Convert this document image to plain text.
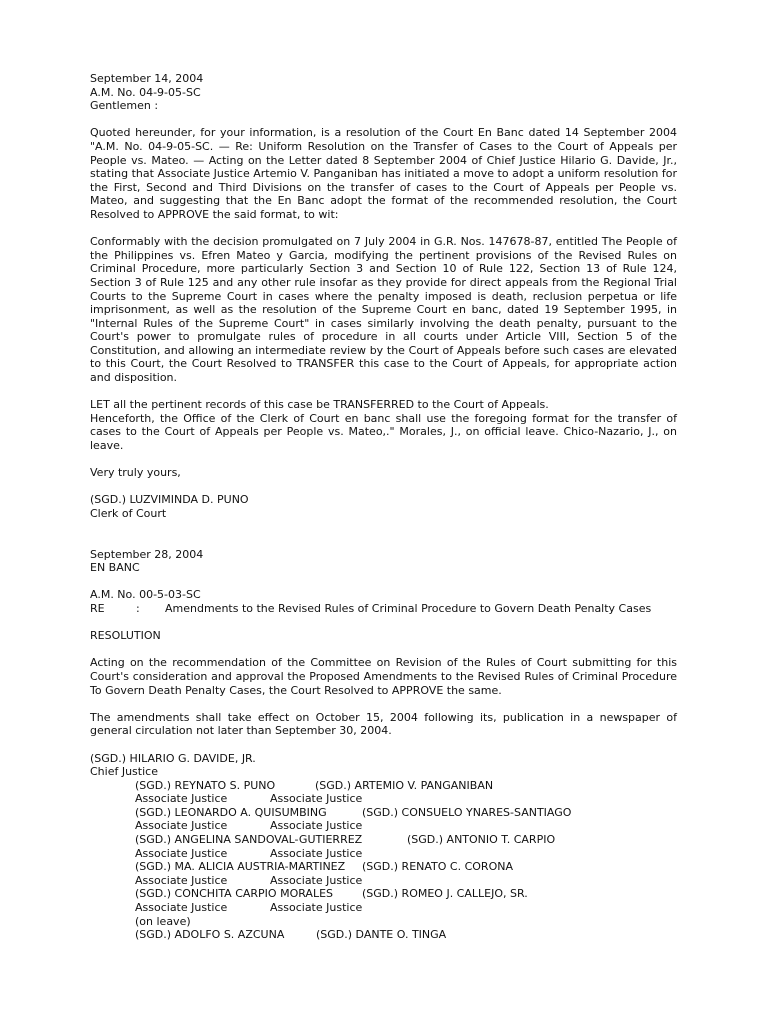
September 14, 2004
A.M. No. 04-9-05-SC
Gentlemen :
Quoted hereunder, for your information, is a resolution of the Court En Banc dated 14 September 2004 "A.M. No. 04-9-05-SC. — Re: Uniform Resolution on the Transfer of Cases to the Court of Appeals per People vs. Mateo. — Acting on the Letter dated 8 September 2004 of Chief Justice Hilario G. Davide, Jr., stating that Associate Justice Artemio V. Panganiban has initiated a move to adopt a uniform resolution for the First, Second and Third Divisions on the transfer of cases to the Court of Appeals per People vs. Mateo, and suggesting that the En Banc adopt the format of the recommended resolution, the Court Resolved to APPROVE the said format, to wit:
Conformably with the decision promulgated on 7 July 2004 in G.R. Nos. 147678-87, entitled The People of the Philippines vs. Efren Mateo y Garcia, modifying the pertinent provisions of the Revised Rules on Criminal Procedure, more particularly Section 3 and Section 10 of Rule 122, Section 13 of Rule 124, Section 3 of Rule 125 and any other rule insofar as they provide for direct appeals from the Regional Trial Courts to the Supreme Court in cases where the penalty imposed is death, reclusion perpetua or life imprisonment, as well as the resolution of the Supreme Court en banc, dated 19 September 1995, in "Internal Rules of the Supreme Court" in cases similarly involving the death penalty, pursuant to the Court's power to promulgate rules of procedure in all courts under Article VIII, Section 5 of the Constitution, and allowing an intermediate review by the Court of Appeals before such cases are elevated to this Court, the Court Resolved to TRANSFER this case to the Court of Appeals, for appropriate action and disposition.
LET all the pertinent records of this case be TRANSFERRED to the Court of Appeals.
Henceforth, the Office of the Clerk of Court en banc shall use the foregoing format for the transfer of cases to the Court of Appeals per People vs. Mateo,." Morales, J., on official leave. Chico-Nazario, J., on leave.
Very truly yours,
(SGD.) LUZVIMINDA D. PUNO
Clerk of Court
September 28, 2004
EN BANC
A.M. No. 00-5-03-SC
RE	:	Amendments to the Revised Rules of Criminal Procedure to Govern Death Penalty Cases
RESOLUTION
Acting on the recommendation of the Committee on Revision of the Rules of Court submitting for this Court's consideration and approval the Proposed Amendments to the Revised Rules of Criminal Procedure To Govern Death Penalty Cases, the Court Resolved to APPROVE the same.
The amendments shall take effect on October 15, 2004 following its, publication in a newspaper of general circulation not later than September 30, 2004.
(SGD.) HILARIO G. DAVIDE, JR.
Chief Justice
(SGD.) REYNATO S. PUNO	(SGD.) ARTEMIO V. PANGANIBAN
Associate Justice	Associate Justice
(SGD.) LEONARDO A. QUISUMBING	(SGD.) CONSUELO YNARES-SANTIAGO
Associate Justice	Associate Justice
(SGD.) ANGELINA SANDOVAL-GUTIERREZ	(SGD.) ANTONIO T. CARPIO
Associate Justice	Associate Justice
(SGD.) MA. ALICIA AUSTRIA-MARTINEZ	(SGD.) RENATO C. CORONA
Associate Justice	Associate Justice
(SGD.) CONCHITA CARPIO MORALES	(SGD.) ROMEO J. CALLEJO, SR.
Associate Justice	Associate Justice
(on leave)
(SGD.) ADOLFO S. AZCUNA	(SGD.) DANTE O. TINGA
